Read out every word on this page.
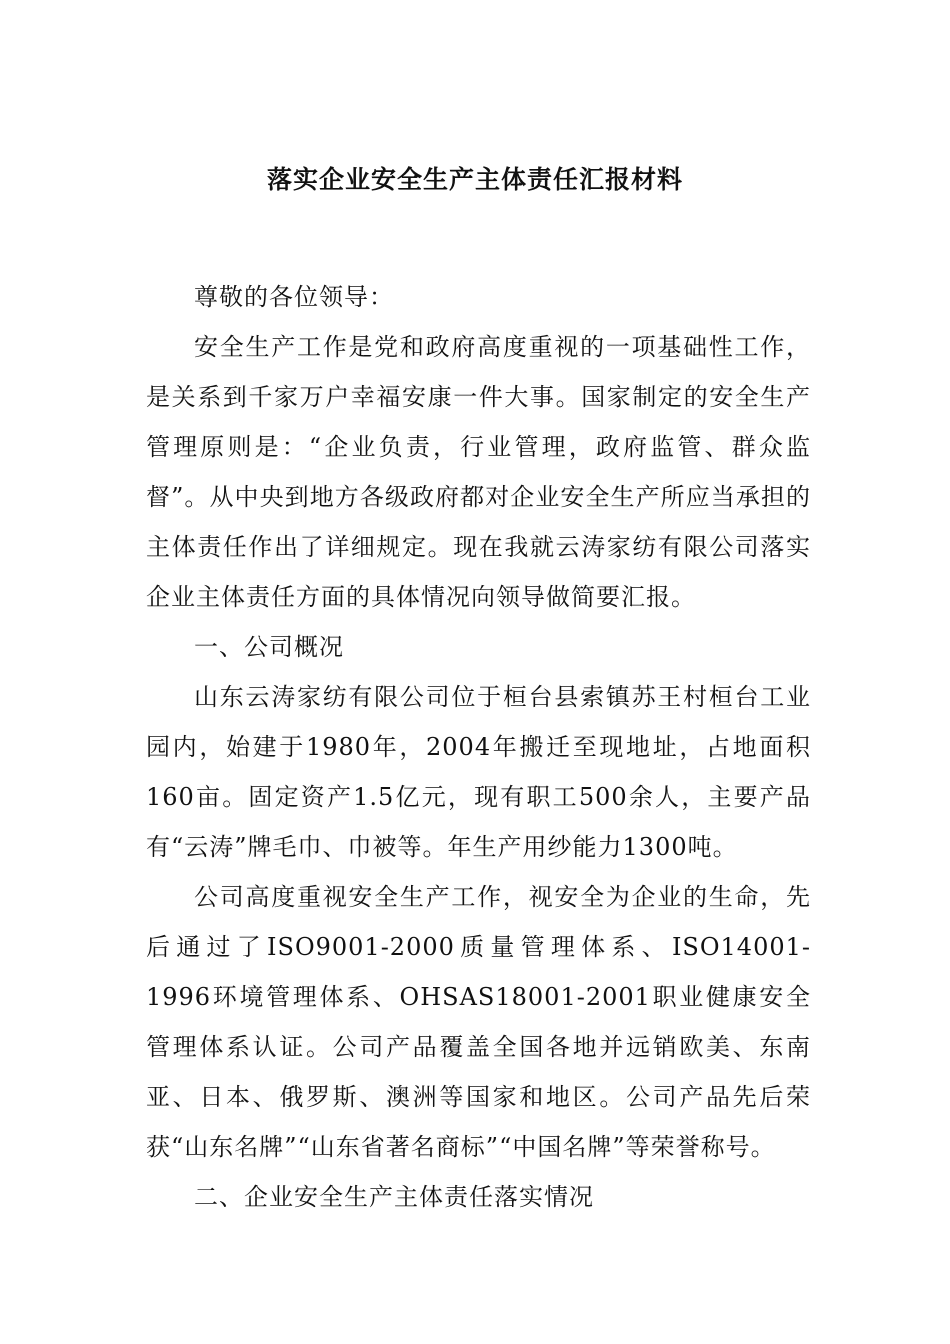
落实企业安全生产主体责任汇报材料

尊敬的各位领导：

安全生产工作是党和政府高度重视的一项基础性工作，是关系到千家万户幸福安康一件大事。国家制定的安全生产管理原则是：“企业负责，行业管理，政府监管、群众监督”。从中央到地方各级政府都对企业安全生产所应当承担的主体责任作出了详细规定。现在我就云涛家纺有限公司落实企业主体责任方面的具体情况向领导做简要汇报。

一、公司概况

山东云涛家纺有限公司位于桓台县索镇苏王村桓台工业园内，始建于1980年，2004年搬迁至现地址，占地面积160亩。固定资产1.5亿元，现有职工500余人，主要产品有“云涛”牌毛巾、巾被等。年生产用纱能力1300吨。

公司高度重视安全生产工作，视安全为企业的生命，先后通过了ISO9001-2000质量管理体系、ISO14001-1996环境管理体系、OHSAS18001-2001职业健康安全管理体系认证。公司产品覆盖全国各地并远销欧美、东南亚、日本、俄罗斯、澳洲等国家和地区。公司产品先后荣获“山东名牌”“山东省著名商标”“中国名牌”等荣誉称号。

二、企业安全生产主体责任落实情况
